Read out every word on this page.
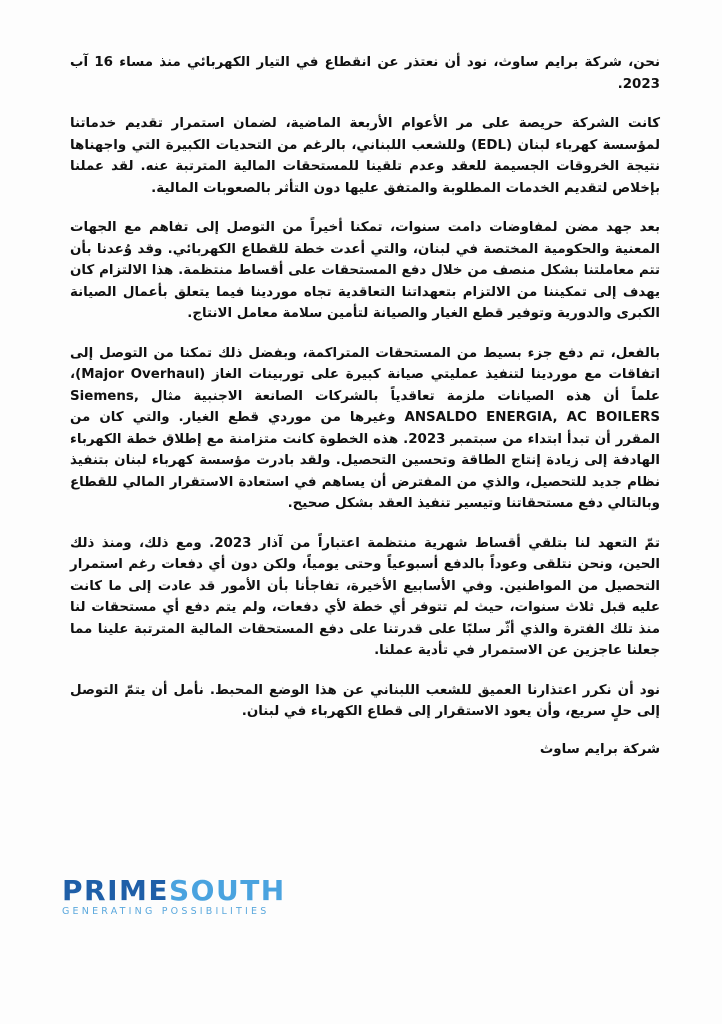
نحن، شركة برايم ساوث، نود أن نعتذر عن انقطاع في التيار الكهربائي منذ مساء 16 آب 2023.

كانت الشركة حريصة على مر الأعوام الأربعة الماضية، لضمان استمرار تقديم خدماتنا لمؤسسة كهرباء لبنان (EDL) وللشعب اللبناني، بالرغم من التحديات الكبيرة التي واجهناها نتيجة الخروقات الجسيمة للعقد وعدم تلقينا للمستحقات المالية المترتبة عنه. لقد عملنا بإخلاص لتقديم الخدمات المطلوبة والمتفق عليها دون التأثر بالصعوبات المالية.

بعد جهد مضن لمفاوضات دامت سنوات، تمكنا أخيراً من التوصل إلى تفاهم مع الجهات المعنية والحكومية المختصة في لبنان، والتي أعدت خطة للقطاع الكهربائي. وقد وُعدنا بأن تتم معاملتنا بشكل منصف من خلال دفع المستحقات على أقساط منتظمة. هذا الالتزام كان يهدف إلى تمكيننا من الالتزام بتعهداتنا التعاقدية تجاه موردينا فيما يتعلق بأعمال الصيانة الكبرى والدورية وتوفير قطع الغيار والصيانة لتأمين سلامة معامل الانتاج.

بالفعل، تم دفع جزء بسيط من المستحقات المتراكمة، وبفضل ذلك تمكنا من التوصل إلى اتفاقات مع موردينا لتنفيذ عمليتي صيانة كبيرة على توربينات الغاز (Major Overhaul)، علماً أن هذه الصيانات ملزمة تعاقدياً بالشركات الصانعة الاجنبية مثال Siemens, ANSALDO ENERGIA, AC BOILERS وغيرها من موردي قطع الغيار. والتي كان من المقرر أن تبدأ ابتداء من سبتمبر 2023. هذه الخطوة كانت متزامنة مع إطلاق خطة الكهرباء الهادفة إلى زيادة إنتاج الطاقة وتحسين التحصيل. ولقد بادرت مؤسسة كهرباء لبنان بتنفيذ نظام جديد للتحصيل، والذي من المفترض أن يساهم في استعادة الاستقرار المالي للقطاع وبالتالي دفع مستحقاتنا وتيسير تنفيذ العقد بشكل صحيح.

تمّ التعهد لنا بتلقي أقساط شهرية منتظمة اعتباراً من آذار 2023. ومع ذلك، ومنذ ذلك الحين، ونحن نتلقى وعوداً بالدفع أسبوعياً وحتى يومياً، ولكن دون أي دفعات رغم استمرار التحصيل من المواطنين. وفي الأسابيع الأخيرة، تفاجأنا بأن الأمور قد عادت إلى ما كانت عليه قبل ثلاث سنوات، حيث لم تتوفر أي خطة لأي دفعات، ولم يتم دفع أي مستحقات لنا منذ تلك الفترة والذي أثّر سلبًا على قدرتنا على دفع المستحقات المالية المترتبة علينا مما جعلنا عاجزين عن الاستمرار في تأدية عملنا.

نود أن نكرر اعتذارنا العميق للشعب اللبناني عن هذا الوضع المحبط. نأمل أن يتمّ التوصل إلى حلٍ سريع، وأن يعود الاستقرار إلى قطاع الكهرباء في لبنان.

شركة برايم ساوث
PRIMESOUTH
GENERATING POSSIBILITIES
